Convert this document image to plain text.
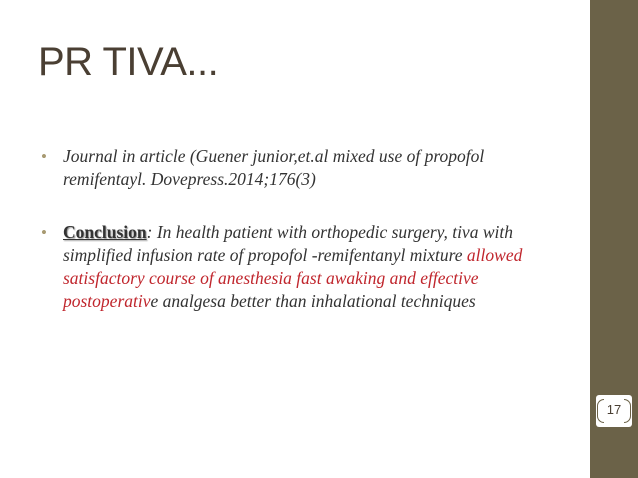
PR TIVA...
• Journal in article (Guener junior,et.al mixed use of propofol remifentayl. Dovepress.2014;176(3)
• Conclusion: In health patient with orthopedic surgery, tiva with simplified infusion rate of propofol -remifentanyl mixture allowed satisfactory course of anesthesia fast awaking and effective postoperative analgesa better than inhalational techniques
17
